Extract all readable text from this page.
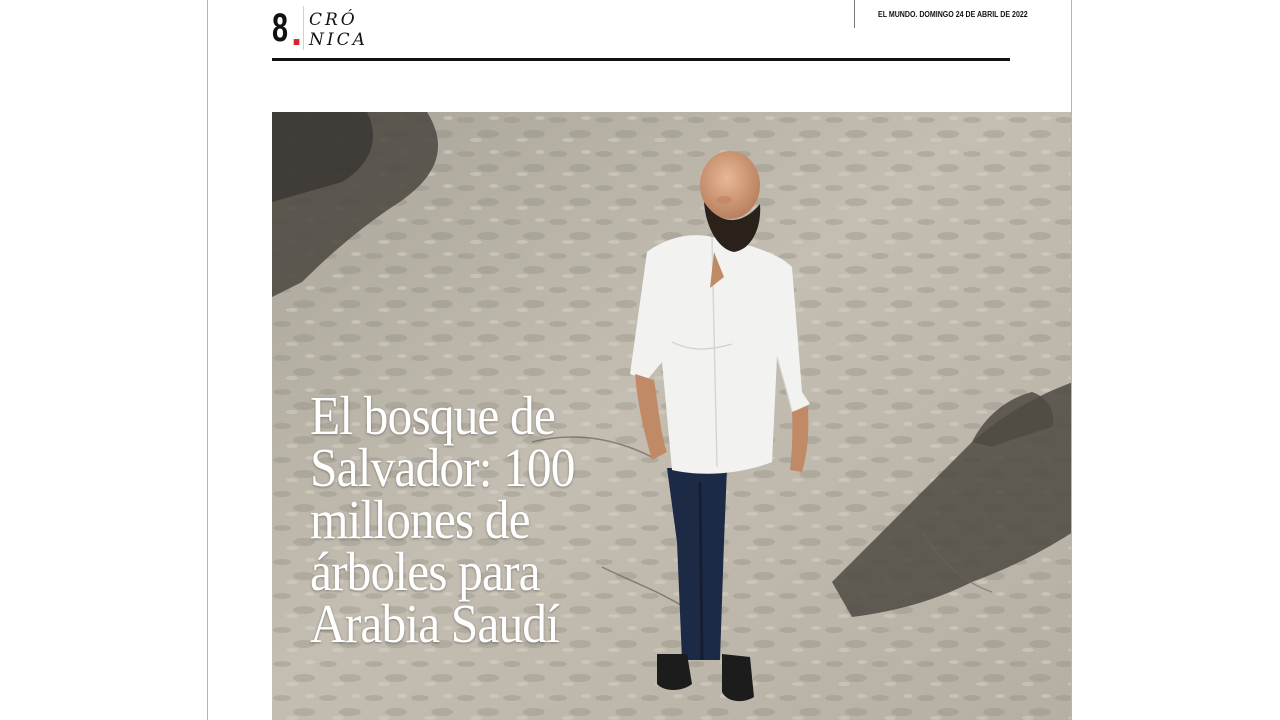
8 . CRÓNICA
EL MUNDO. DOMINGO 24 DE ABRIL DE 2022
El bosque de Salvador: 100 millones de árboles para Arabia Saudí
